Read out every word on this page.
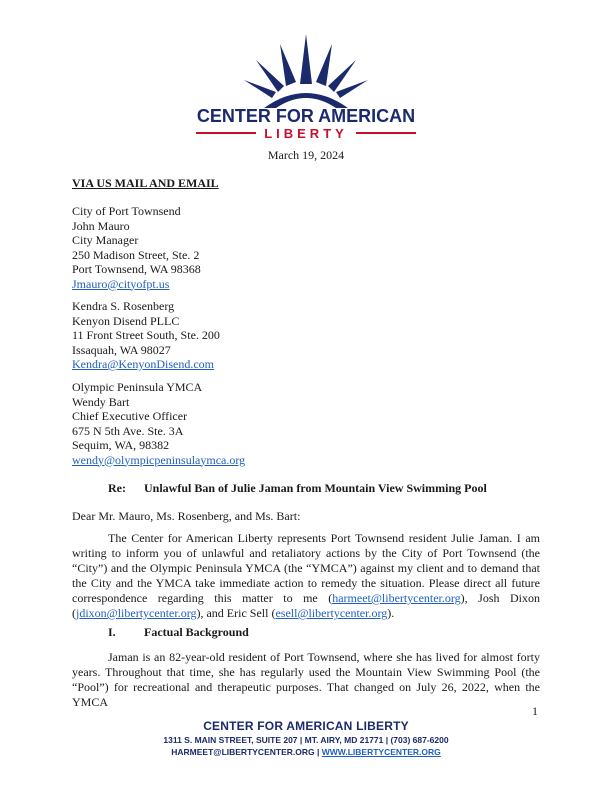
CENTER FOR AMERICAN
LIBERTY
March 19, 2024
VIA US MAIL AND EMAIL
City of Port Townsend
John Mauro
City Manager
250 Madison Street, Ste. 2
Port Townsend, WA 98368
Jmauro@cityofpt.us
Kendra S. Rosenberg
Kenyon Disend PLLC
11 Front Street South, Ste. 200
Issaquah, WA 98027
Kendra@KenyonDisend.com
Olympic Peninsula YMCA
Wendy Bart
Chief Executive Officer
675 N 5th Ave. Ste. 3A
Sequim, WA, 98382
wendy@olympicpeninsulaymca.org
Re: Unlawful Ban of Julie Jaman from Mountain View Swimming Pool
Dear Mr. Mauro, Ms. Rosenberg, and Ms. Bart:
The Center for American Liberty represents Port Townsend resident Julie Jaman. I am writing to inform you of unlawful and retaliatory actions by the City of Port Townsend (the “City”) and the Olympic Peninsula YMCA (the “YMCA”) against my client and to demand that the City and the YMCA take immediate action to remedy the situation. Please direct all future correspondence regarding this matter to me (harmeet@libertycenter.org), Josh Dixon (jdixon@libertycenter.org), and Eric Sell (esell@libertycenter.org).
I. Factual Background
Jaman is an 82-year-old resident of Port Townsend, where she has lived for almost forty years. Throughout that time, she has regularly used the Mountain View Swimming Pool (the “Pool”) for recreational and therapeutic purposes. That changed on July 26, 2022, when the YMCA
1
CENTER FOR AMERICAN LIBERTY
1311 S. MAIN STREET, SUITE 207 | MT. AIRY, MD 21771 | (703) 687-6200
HARMEET@LIBERTYCENTER.ORG | WWW.LIBERTYCENTER.ORG
